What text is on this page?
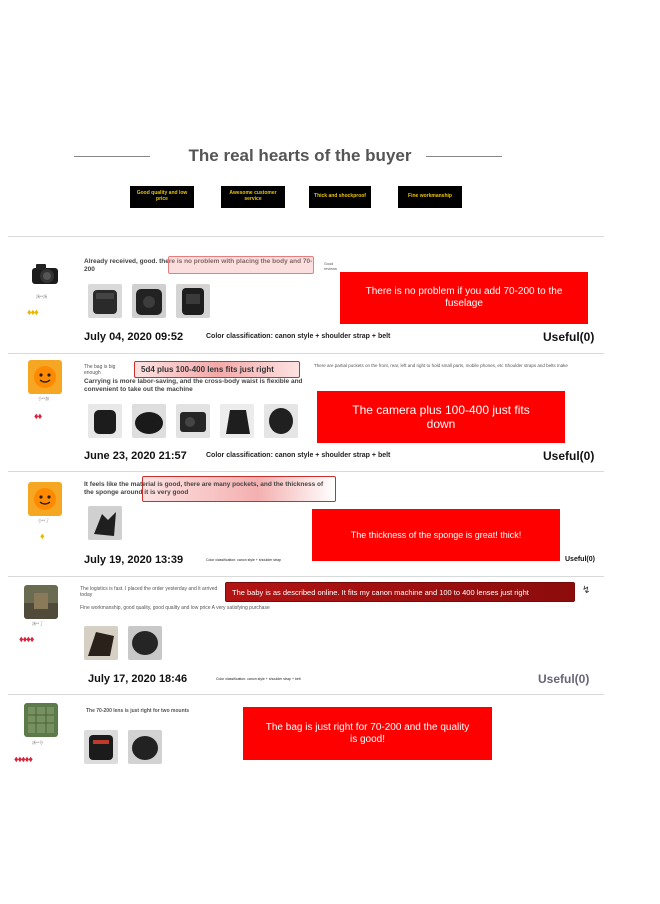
The real hearts of the buyer
Good quality and low price
Awesome customer service	Thick and shockproof	Fine workmanship
汤**汤
♦♦♦
Already received, good. there is no problem with placing the body and 70-200
Good reviews
There is no problem if you add 70-200 to the fuselage
July 04, 2020 09:52	Color classification: canon style + shoulder strap + belt	Useful(0)
小**加
♦♦
The bag is big enough	5d4 plus 100-400 lens fits just right	There are partial pockets on the front, rear, left and right to hold small parts, mobile phones, etc Shoulder straps and belts make
Carrying is more labor-saving, and the cross-body waist is flexible and convenient to take out the machine
The camera plus 100-400 just fits down
June 23, 2020 21:57	Color classification: canon style + shoulder strap + belt	Useful(0)
小**了
♦
It feels like the material is good, there are many pockets, and the thickness of the sponge around it is very good
The thickness of the sponge is great! thick!
July 19, 2020 13:39	Color classification: canon style + shoulder strap	Useful(0)
汤**了
♦♦♦♦
The logistics is fast. I placed the order yesterday and it arrived today	The baby is as described online. It fits my canon machine and 100 to 400 lenses just right	↯
Fine workmanship, good quality, good quality and low price A very satisfying purchase
July 17, 2020 18:46	Color classification: canon style + shoulder strap + belt	Useful(0)
汤**分
♦♦♦♦♦
The 70-200 lens is just right for two mounts
The bag is just right for 70-200 and the quality is good!
